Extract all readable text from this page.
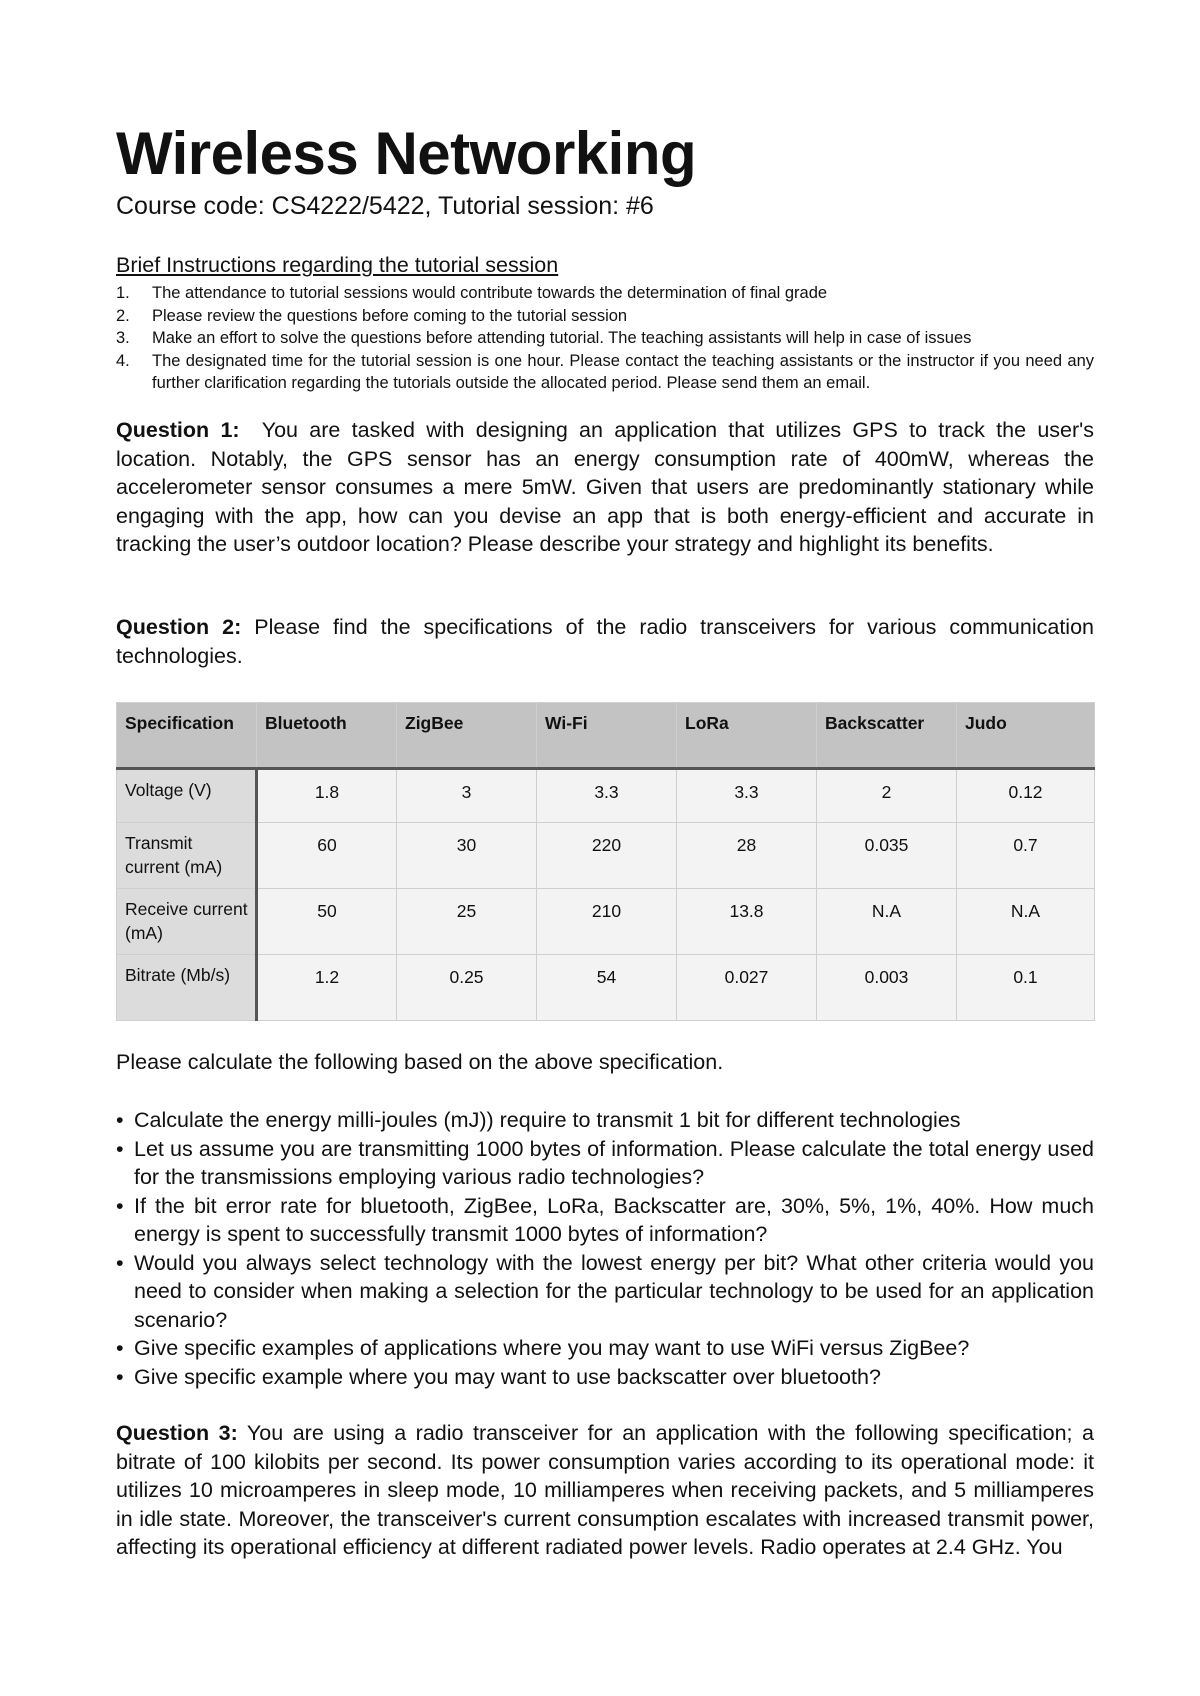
Wireless Networking
Course code: CS4222/5422, Tutorial session: #6
Brief Instructions regarding the tutorial session
1. The attendance to tutorial sessions would contribute towards the determination of final grade
2. Please review the questions before coming to the tutorial session
3. Make an effort to solve the questions before attending tutorial. The teaching assistants will help in case of issues
4. The designated time for the tutorial session is one hour. Please contact the teaching assistants or the instructor if you need any further clarification regarding the tutorials outside the allocated period. Please send them an email.

Question 1: You are tasked with designing an application that utilizes GPS to track the user's location. Notably, the GPS sensor has an energy consumption rate of 400mW, whereas the accelerometer sensor consumes a mere 5mW. Given that users are predominantly stationary while engaging with the app, how can you devise an app that is both energy-efficient and accurate in tracking the user’s outdoor location? Please describe your strategy and highlight its benefits.

Question 2: Please find the specifications of the radio transceivers for various communication technologies.

Specification	Bluetooth	ZigBee	Wi-Fi	LoRa	Backscatter	Judo
Voltage (V)	1.8	3	3.3	3.3	2	0.12
Transmit current (mA)	60	30	220	28	0.035	0.7
Receive current (mA)	50	25	210	13.8	N.A	N.A
Bitrate (Mb/s)	1.2	0.25	54	0.027	0.003	0.1

Please calculate the following based on the above specification.

• Calculate the energy milli-joules (mJ)) require to transmit 1 bit for different technologies
• Let us assume you are transmitting 1000 bytes of information. Please calculate the total energy used for the transmissions employing various radio technologies?
• If the bit error rate for bluetooth, ZigBee, LoRa, Backscatter are, 30%, 5%, 1%, 40%. How much energy is spent to successfully transmit 1000 bytes of information?
• Would you always select technology with the lowest energy per bit? What other criteria would you need to consider when making a selection for the particular technology to be used for an application scenario?
• Give specific examples of applications where you may want to use WiFi versus ZigBee?
• Give specific example where you may want to use backscatter over bluetooth?

Question 3: You are using a radio transceiver for an application with the following specification; a bitrate of 100 kilobits per second. Its power consumption varies according to its operational mode: it utilizes 10 microamperes in sleep mode, 10 milliamperes when receiving packets, and 5 milliamperes in idle state. Moreover, the transceiver's current consumption escalates with increased transmit power, affecting its operational efficiency at different radiated power levels. Radio operates at 2.4 GHz. You
